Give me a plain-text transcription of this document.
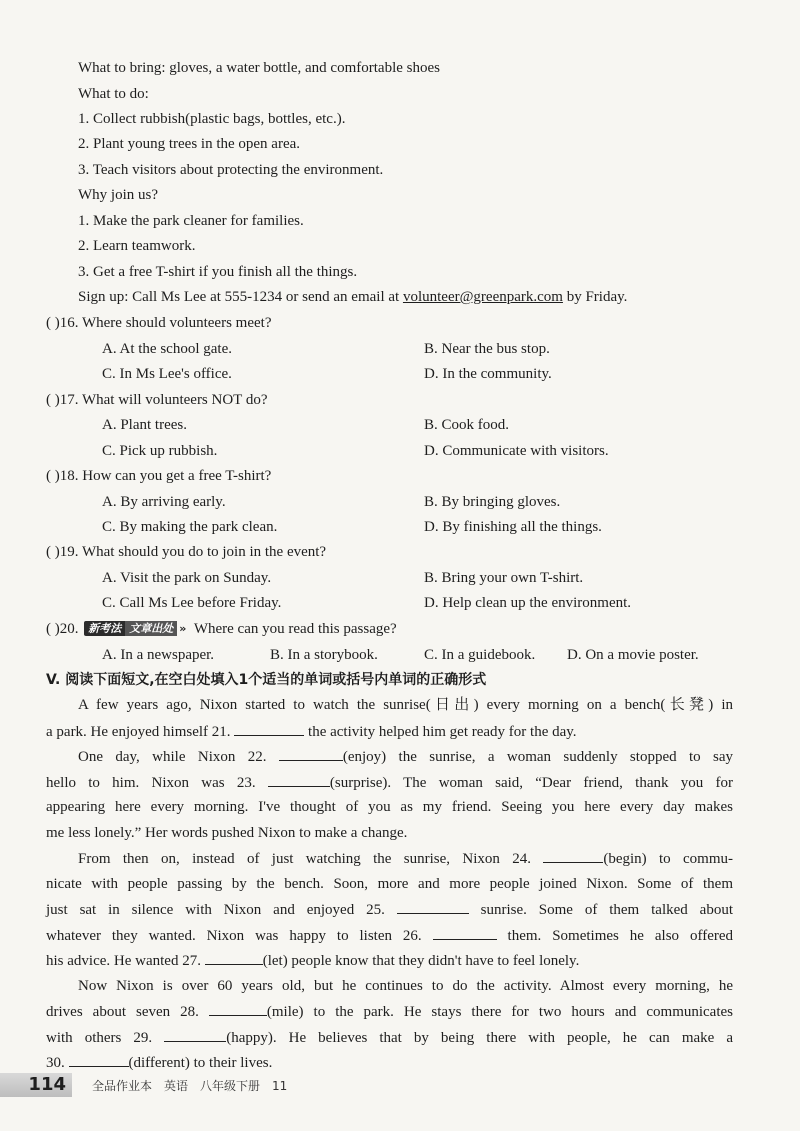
What to bring: gloves, a water bottle, and comfortable shoes
What to do:
1. Collect rubbish(plastic bags, bottles, etc.).
2. Plant young trees in the open area.
3. Teach visitors about protecting the environment.
Why join us?
1. Make the park cleaner for families.
2. Learn teamwork.
3. Get a free T-shirt if you finish all the things.
Sign up: Call Ms Lee at 555-1234 or send an email at volunteer@greenpark.com by Friday.
( )16. Where should volunteers meet?
A. At the school gate.	B. Near the bus stop.
C. In Ms Lee's office.	D. In the community.
( )17. What will volunteers NOT do?
A. Plant trees.	B. Cook food.
C. Pick up rubbish.	D. Communicate with visitors.
( )18. How can you get a free T-shirt?
A. By arriving early.	B. By bringing gloves.
C. By making the park clean.	D. By finishing all the things.
( )19. What should you do to join in the event?
A. Visit the park on Sunday.	B. Bring your own T-shirt.
C. Call Ms Lee before Friday.	D. Help clean up the environment.
( )20. 新考法 文章出处 » Where can you read this passage?
A. In a newspaper.	B. In a storybook.	C. In a guidebook. D. On a movie poster.
V. 阅读下面短文,在空白处填入1个适当的单词或括号内单词的正确形式
A few years ago, Nixon started to watch the sunrise(日出) every morning on a bench(长凳) in
a park. He enjoyed himself 21.	the activity helped him get ready for the day.
One day, while Nixon 22.	(enjoy) the sunrise, a woman suddenly stopped to say
hello to him. Nixon was 23.	(surprise). The woman said, “Dear friend, thank you for
appearing here every morning. I've thought of you as my friend. Seeing you here every day makes
me less lonely.” Her words pushed Nixon to make a change.
From then on, instead of just watching the sunrise, Nixon 24.	(begin) to commu-
nicate with people passing by the bench. Soon, more and more people joined Nixon. Some of them
just sat in silence with Nixon and enjoyed 25.	sunrise. Some of them talked about
whatever they wanted. Nixon was happy to listen 26.	them. Sometimes he also offered
his advice. He wanted 27.	(let) people know that they didn't have to feel lonely.
Now Nixon is over 60 years old, but he continues to do the activity. Almost every morning, he
drives about seven 28.	(mile) to the park. He stays there for two hours and communicates
with others 29.	(happy). He believes that by being there with people, he can make a
30.	(different) to their lives.
114	全品作业本 英语 八年级下册 11
